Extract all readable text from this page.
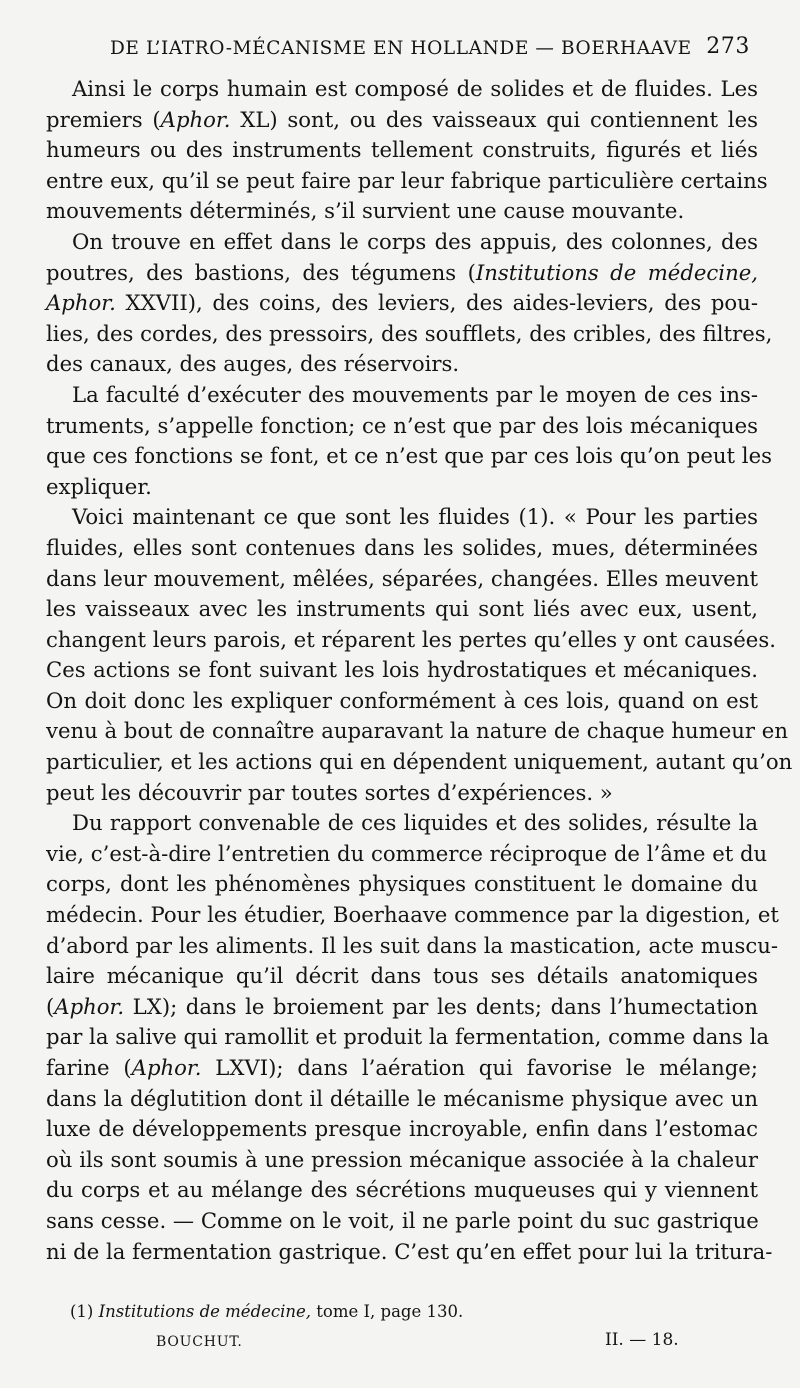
DE L’IATRO-MÉCANISME EN HOLLANDE — BOERHAAVE 273

Ainsi le corps humain est composé de solides et de fluides. Les
premiers (Aphor. XL) sont, ou des vaisseaux qui contiennent les
humeurs ou des instruments tellement construits, figurés et liés
entre eux, qu’il se peut faire par leur fabrique particulière certains
mouvements déterminés, s’il survient une cause mouvante.

On trouve en effet dans le corps des appuis, des colonnes, des
poutres, des bastions, des tégumens (Institutions de médecine,
Aphor. XXVII), des coins, des leviers, des aides-leviers, des pou-
lies, des cordes, des pressoirs, des soufflets, des cribles, des filtres,
des canaux, des auges, des réservoirs.

La faculté d’exécuter des mouvements par le moyen de ces ins-
truments, s’appelle fonction; ce n’est que par des lois mécaniques
que ces fonctions se font, et ce n’est que par ces lois qu’on peut les
expliquer.

Voici maintenant ce que sont les fluides (1). « Pour les parties
fluides, elles sont contenues dans les solides, mues, déterminées
dans leur mouvement, mêlées, séparées, changées. Elles meuvent
les vaisseaux avec les instruments qui sont liés avec eux, usent,
changent leurs parois, et réparent les pertes qu’elles y ont causées.
Ces actions se font suivant les lois hydrostatiques et mécaniques.
On doit donc les expliquer conformément à ces lois, quand on est
venu à bout de connaître auparavant la nature de chaque humeur en
particulier, et les actions qui en dépendent uniquement, autant qu’on
peut les découvrir par toutes sortes d’expériences. »

Du rapport convenable de ces liquides et des solides, résulte la
vie, c’est-à-dire l’entretien du commerce réciproque de l’âme et du
corps, dont les phénomènes physiques constituent le domaine du
médecin. Pour les étudier, Boerhaave commence par la digestion, et
d’abord par les aliments. Il les suit dans la mastication, acte muscu-
laire mécanique qu’il décrit dans tous ses détails anatomiques
(Aphor. LX); dans le broiement par les dents; dans l’humectation
par la salive qui ramollit et produit la fermentation, comme dans la
farine (Aphor. LXVI); dans l’aération qui favorise le mélange;
dans la déglutition dont il détaille le mécanisme physique avec un
luxe de développements presque incroyable, enfin dans l’estomac
où ils sont soumis à une pression mécanique associée à la chaleur
du corps et au mélange des sécrétions muqueuses qui y viennent
sans cesse. — Comme on le voit, il ne parle point du suc gastrique
ni de la fermentation gastrique. C’est qu’en effet pour lui la tritura-

(1) Institutions de médecine, tome I, page 130.
BOUCHUT.	II. — 18.
